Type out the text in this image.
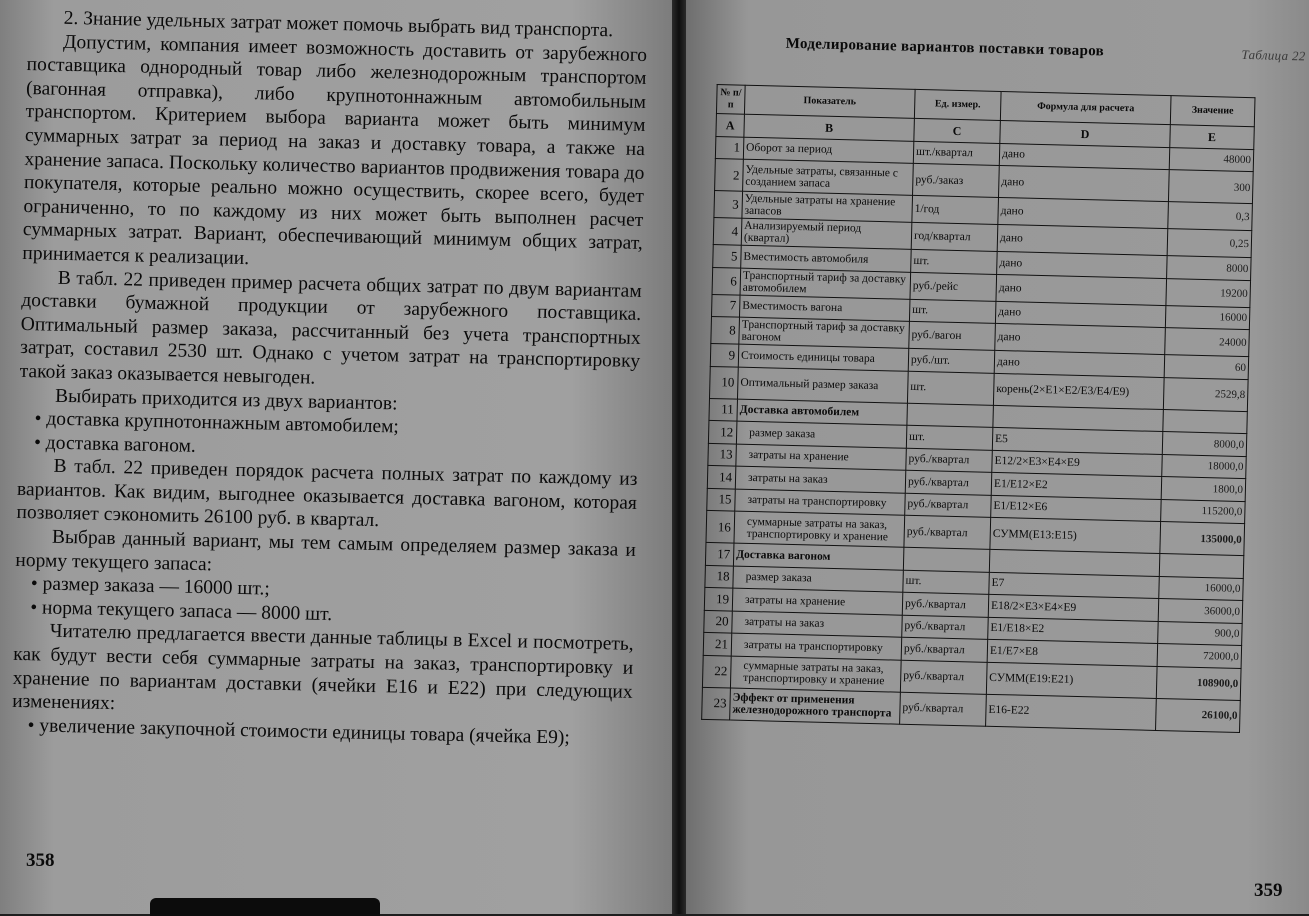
2. Знание удельных затрат может помочь выбрать вид транспорта.

Допустим, компания имеет возможность доставить от зарубежного поставщика однородный товар либо железнодорожным транспортом (вагонная отправка), либо крупнотоннажным автомобильным транспортом. Критерием выбора варианта может быть минимум суммарных затрат за период на заказ и доставку товара, а также на хранение запаса. Поскольку количество вариантов продвижения товара до покупателя, которые реально можно осуществить, скорее всего, будет ограниченно, то по каждому из них может быть выполнен расчет суммарных затрат. Вариант, обеспечивающий минимум общих затрат, принимается к реализации.

В табл. 22 приведен пример расчета общих затрат по двум вариантам доставки бумажной продукции от зарубежного поставщика. Оптимальный размер заказа, рассчитанный без учета транспортных затрат, составил 2530 шт. Однако с учетом затрат на транспортировку такой заказ оказывается невыгоден.

Выбирать приходится из двух вариантов:

• доставка крупнотоннажным автомобилем;

• доставка вагоном.

В табл. 22 приведен порядок расчета полных затрат по каждому из вариантов. Как видим, выгоднее оказывается доставка вагоном, которая позволяет сэкономить 26100 руб. в квартал.

Выбрав данный вариант, мы тем самым определяем размер заказа и норму текущего запаса:

• размер заказа — 16000 шт.;

• норма текущего запаса — 8000 шт.

Читателю предлагается ввести данные таблицы в Excel и посмотреть, как будут вести себя суммарные затраты на заказ, транспортировку и хранение по вариантам доставки (ячейки E16 и E22) при следующих изменениях:

• увеличение закупочной стоимости единицы товара (ячейка E9);

358
Моделирование вариантов поставки товаров	Таблица 22
№ п/п	Показатель	Ед. измер.	Формула для расчета	Значение
A	B	C	D	E
1	Оборот за период	шт./квартал	дано	48000
2	Удельные затраты, связанные с созданием запаса	руб./заказ	дано	300
3	Удельные затраты на хранение запасов	1/год	дано	0,3
4	Анализируемый период (квартал)	год/квартал	дано	0,25
5	Вместимость автомобиля	шт.	дано	8000
6	Транспортный тариф за доставку автомобилем	руб./рейс	дано	19200
7	Вместимость вагона	шт.	дано	16000
8	Транспортный тариф за доставку вагоном	руб./вагон	дано	24000
9	Стоимость единицы товара	руб./шт.	дано	60
10	Оптимальный размер заказа	шт.	корень(2×E1×E2/E3/E4/E9)	2529,8
11	Доставка автомобилем			
12	размер заказа	шт.	E5	8000,0
13	затраты на хранение	руб./квартал	E12/2×E3×E4×E9	18000,0
14	затраты на заказ	руб./квартал	E1/E12×E2	1800,0
15	затраты на транспортировку	руб./квартал	E1/E12×E6	115200,0
16	суммарные затраты на заказ, транспортировку и хранение	руб./квартал	СУММ(E13:E15)	135000,0
17	Доставка вагоном			
18	размер заказа	шт.	E7	16000,0
19	затраты на хранение	руб./квартал	E18/2×E3×E4×E9	36000,0
20	затраты на заказ	руб./квартал	E1/E18×E2	900,0
21	затраты на транспортировку	руб./квартал	E1/E7×E8	72000,0
22	суммарные затраты на заказ, транспортировку и хранение	руб./квартал	СУММ(E19:E21)	108900,0
23	Эффект от применения железнодорожного транспорта	руб./квартал	E16-E22	26100,0
359
